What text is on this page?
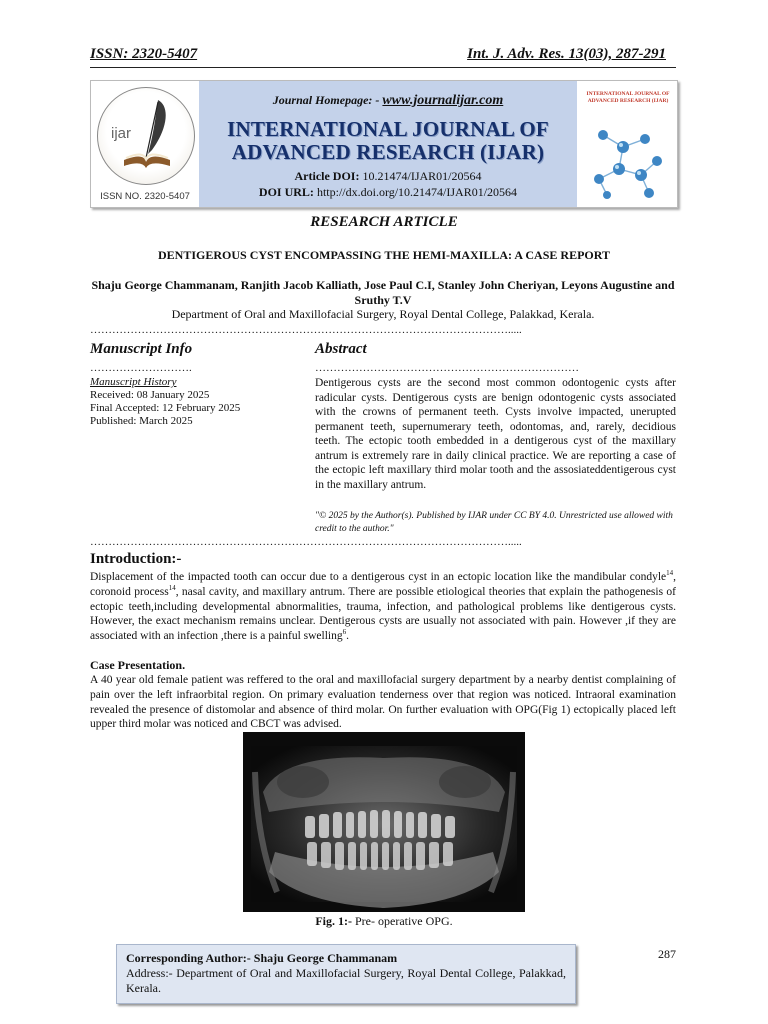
ISSN: 2320-5407	Int. J. Adv. Res. 13(03), 287-291
ijar
ISSN NO. 2320-5407
Journal Homepage: - www.journalijar.com
INTERNATIONAL JOURNAL OF
ADVANCED RESEARCH (IJAR)
Article DOI: 10.21474/IJAR01/20564
DOI URL: http://dx.doi.org/10.21474/IJAR01/20564
INTERNATIONAL JOURNAL OF ADVANCED RESEARCH (IJAR)
RESEARCH ARTICLE
DENTIGEROUS CYST ENCOMPASSING THE HEMI-MAXILLA: A CASE REPORT
Shaju George Chammanam, Ranjith Jacob Kalliath, Jose Paul C.I, Stanley John Cheriyan, Leyons Augustine and Sruthy T.V
Department of Oral and Maxillofacial Surgery, Royal Dental College, Palakkad, Kerala.
…………………………………………………………………………………………………….....
Manuscript Info	Abstract
……………………….	………………………………………………………………
Manuscript History
Received: 08 January 2025
Final Accepted: 12 February 2025
Published: March 2025
Dentigerous cysts are the second most common odontogenic cysts after radicular cysts. Dentigerous cysts are benign odontogenic cysts associated with the crowns of permanent teeth. Cysts involve impacted, unerupted permanent teeth, supernumerary teeth, odontomas, and, rarely, decidious teeth. The ectopic tooth embedded in a dentigerous cyst of the maxillary antrum is extremely rare in daily clinical practice. We are reporting a case of the ectopic left maxillary third molar tooth and the assosiateddentigerous cyst in the maxillary antrum.
"© 2025 by the Author(s). Published by IJAR under CC BY 4.0. Unrestricted use allowed with credit to the author."
…………………………………………………………………………………………………….....
Introduction:-
Displacement of the impacted tooth can occur due to a dentigerous cyst in an ectopic location like the mandibular condyle$^{14}$, coronoid process$^{14}$, nasal cavity, and maxillary antrum. There are possible etiological theories that explain the pathogenesis of ectopic teeth,including developmental abnormalities, trauma, infection, and pathological problems like dentigerous cysts. However, the exact mechanism remains unclear. Dentigerous cysts are usually not associated with pain. However ,if they are associated with an infection ,there is a painful swelling$^6$.
Case Presentation.
A 40 year old female patient was reffered to the oral and maxillofacial surgery department by a nearby dentist complaining of pain over the left infraorbital region. On primary evaluation tenderness over that region was noticed. Intraoral examination revealed the presence of distomolar and absence of third molar. On further evaluation with OPG(Fig 1) ectopically placed left upper third molar was noticed and CBCT was advised.
Fig. 1:- Pre- operative OPG.
Corresponding Author:- Shaju George Chammanam
Address:- Department of Oral and Maxillofacial Surgery, Royal Dental College, Palakkad, Kerala.
287
